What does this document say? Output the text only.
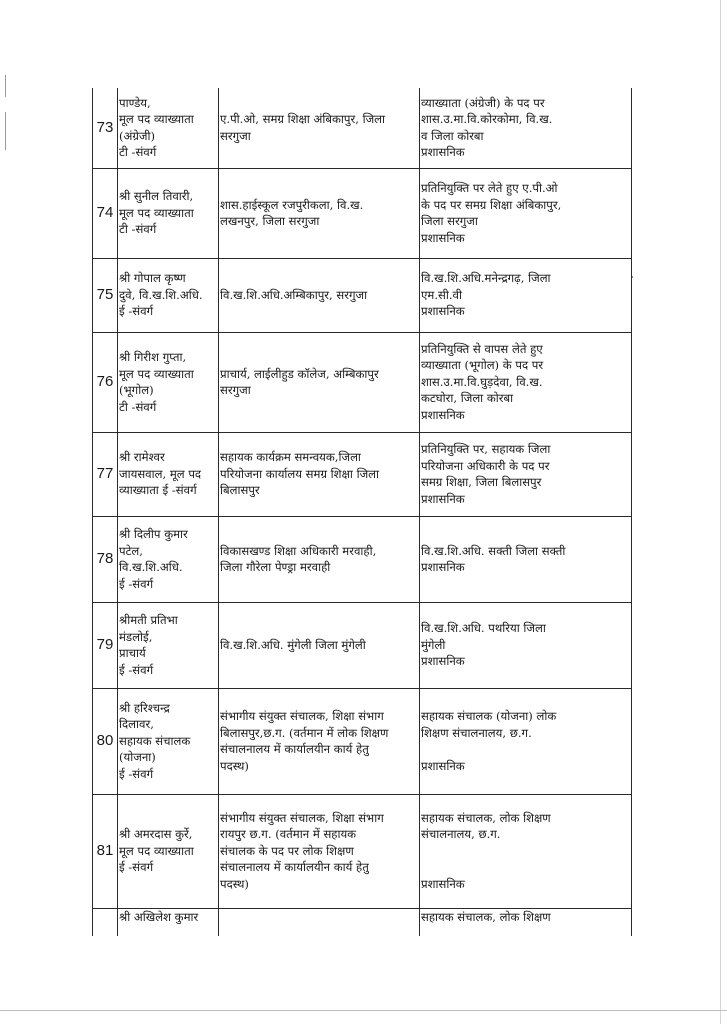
73	पाण्डेय,
मूल पद व्याख्याता
(अंग्रेजी)
टी -संवर्ग	ए.पी.ओ, समग्र शिक्षा अंबिकापुर, जिला
सरगुजा	व्याख्याता (अंग्रेजी) के पद पर
शास.उ.मा.वि.कोरकोमा, वि.ख.
व जिला कोरबा
प्रशासनिक

74	श्री सुनील तिवारी,
मूल पद व्याख्याता
टी -संवर्ग	शास.हाईस्कूल रजपुरीकला, वि.ख.
लखनपुर, जिला सरगुजा	प्रतिनियुक्ति पर लेते हुए ए.पी.ओ
के पद पर समग्र शिक्षा अंबिकापुर,
जिला सरगुजा
प्रशासनिक

75	श्री गोपाल कृष्ण
दुवे, वि.ख.शि.अधि.
ई -संवर्ग	वि.ख.शि.अधि.अम्बिकापुर, सरगुजा	वि.ख.शि.अधि.मनेन्द्रगढ़, जिला
एम.सी.वी
प्रशासनिक

76	श्री गिरीश गुप्ता,
मूल पद व्याख्याता
(भूगोल)
टी -संवर्ग	प्राचार्य, लाईलीहुड कॉलेज, अम्बिकापुर
सरगुजा	प्रतिनियुक्ति से वापस लेते हुए
व्याख्याता (भूगोल) के पद पर
शास.उ.मा.वि.घुड़देवा, वि.ख.
कटघोरा, जिला कोरबा
प्रशासनिक

77	श्री रामेश्वर
जायसवाल, मूल पद
व्याख्याता ई -संवर्ग	सहायक कार्यक्रम समन्वयक,जिला
परियोजना कार्यालय समग्र शिक्षा जिला
बिलासपुर	प्रतिनियुक्ति पर, सहायक जिला
परियोजना अधिकारी के पद पर
समग्र शिक्षा, जिला बिलासपुर
प्रशासनिक

78	श्री दिलीप कुमार
पटेल,
वि.ख.शि.अधि.
ई -संवर्ग	विकासखण्ड शिक्षा अधिकारी मरवाही,
जिला गौरेला पेण्ड्रा मरवाही	वि.ख.शि.अधि. सक्ती जिला सक्ती
प्रशासनिक

79	श्रीमती प्रतिभा
मंडलोई,
प्राचार्य
ई -संवर्ग	वि.ख.शि.अधि. मुंगेली जिला मुंगेली	वि.ख.शि.अधि. पथरिया जिला
मुंगेली
प्रशासनिक

80	श्री हरिश्चन्द्र
दिलावर,
सहायक संचालक
(योजना)
ई -संवर्ग	संभागीय संयुक्त संचालक, शिक्षा संभाग
बिलासपुर,छ.ग. (वर्तमान में लोक शिक्षण
संचालनालय में कार्यालयीन कार्य हेतु
पदस्थ)	सहायक संचालक (योजना) लोक
शिक्षण संचालनालय, छ.ग.
प्रशासनिक

81	श्री अमरदास कुर्रे,
मूल पद व्याख्याता
ई -संवर्ग	संभागीय संयुक्त संचालक, शिक्षा संभाग
रायपुर छ.ग. (वर्तमान में सहायक
संचालक के पद पर लोक शिक्षण
संचालनालय में कार्यालयीन कार्य हेतु
पदस्थ)	सहायक संचालक, लोक शिक्षण
संचालनालय, छ.ग.
प्रशासनिक

	श्री अखिलेश कुमार		सहायक संचालक, लोक शिक्षण
